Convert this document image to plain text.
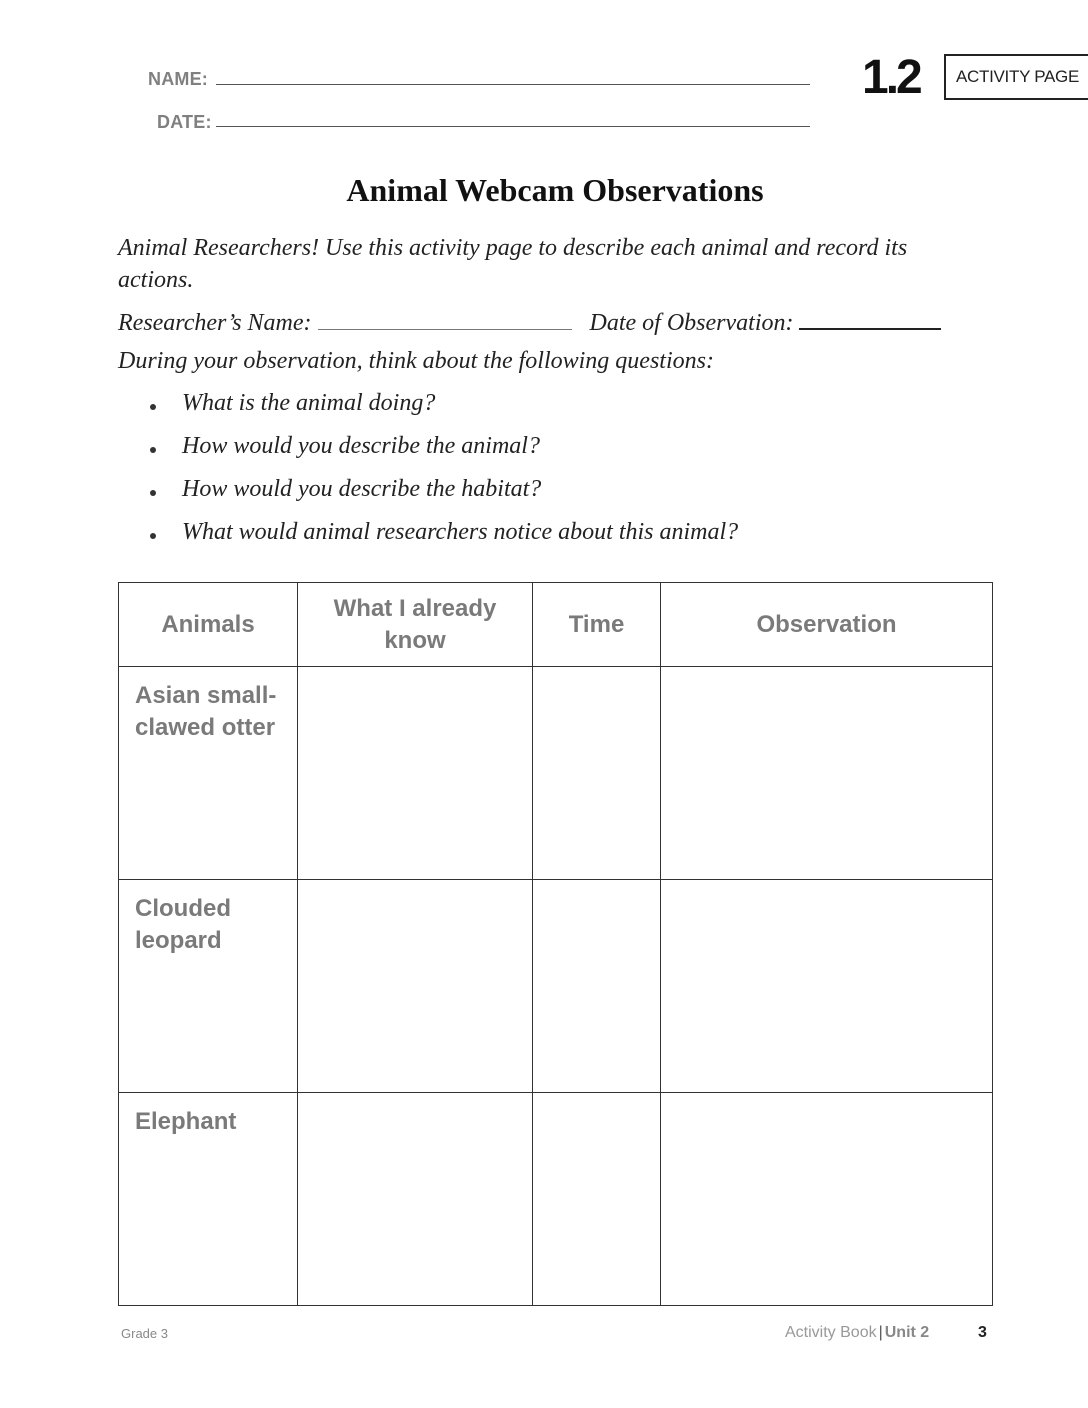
NAME:
DATE:
1.2 ACTIVITY PAGE
Animal Webcam Observations

Animal Researchers! Use this activity page to describe each animal and record its actions.

Researcher’s Name:	Date of Observation:
During your observation, think about the following questions:
What is the animal doing?
How would you describe the animal?
How would you describe the habitat?
What would animal researchers notice about this animal?
Animals	What I already know	Time	Observation

Asian small-clawed otter			

Clouded leopard			

Elephant			

Grade 3	Activity Book | Unit 2	3
